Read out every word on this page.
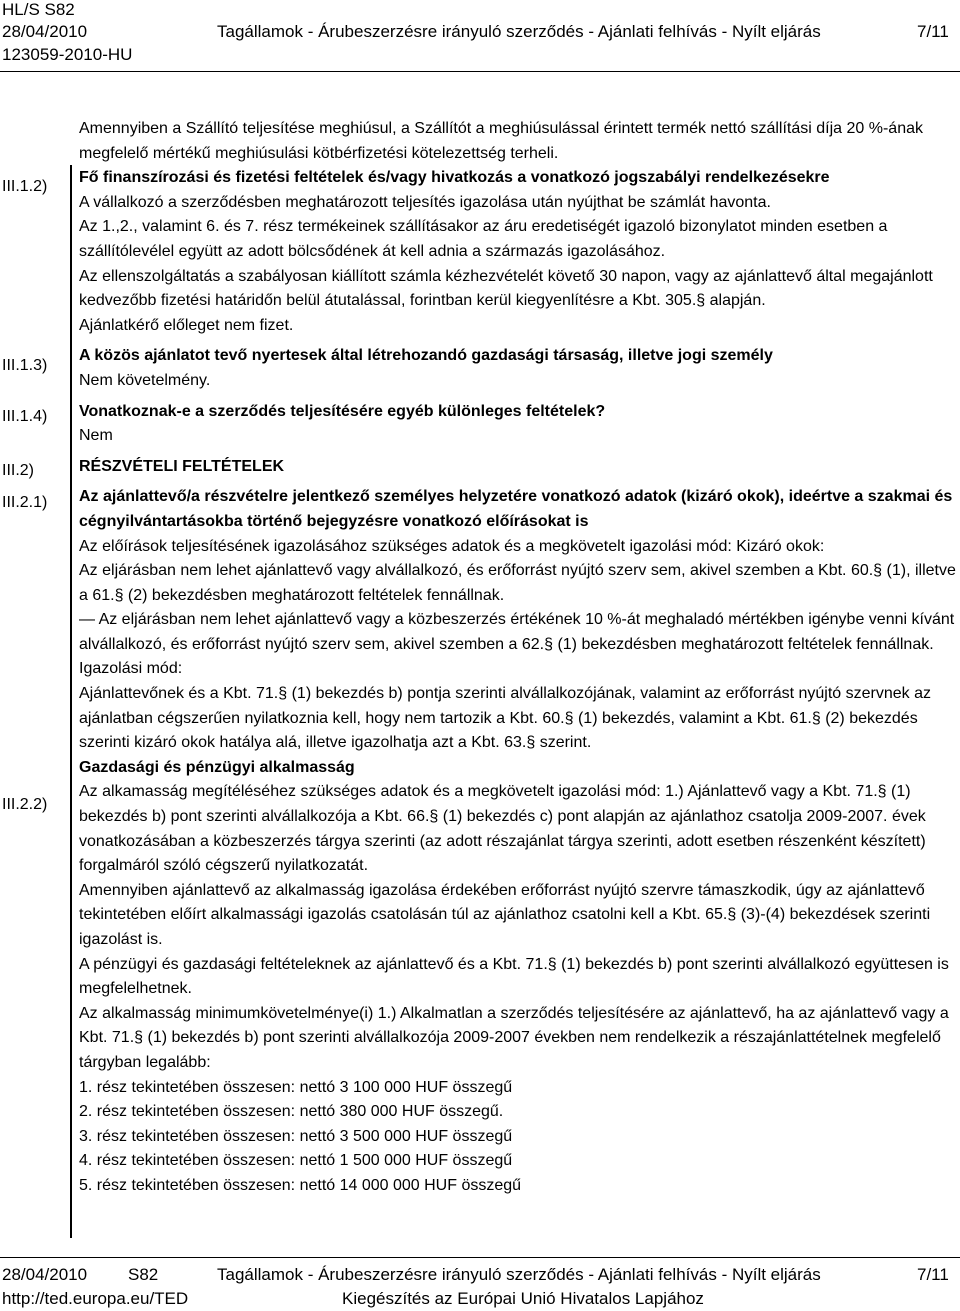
HL/S S82
28/04/2010	Tagállamok - Árubeszerzésre irányuló szerződés - Ajánlati felhívás - Nyílt eljárás	7/11
123059-2010-HU
III.1.2)
III.1.3)
III.1.4)
III.2)
III.2.1)
III.2.2)

Amennyiben a Szállító teljesítése meghiúsul, a Szállítót a meghiúsulással érintett termék nettó szállítási díja 20 %-ának megfelelő mértékű meghiúsulási kötbérfizetési kötelezettség terheli.

Fő finanszírozási és fizetési feltételek és/vagy hivatkozás a vonatkozó jogszabályi rendelkezésekre

A vállalkozó a szerződésben meghatározott teljesítés igazolása után nyújthat be számlát havonta.

Az 1.,2., valamint 6. és 7. rész termékeinek szállításakor az áru eredetiségét igazoló bizonylatot minden esetben a szállítólevélel együtt az adott bölcsődének át kell adnia a származás igazolásához.

Az ellenszolgáltatás a szabályosan kiállított számla kézhezvételét követő 30 napon, vagy az ajánlattevő által megajánlott kedvezőbb fizetési határidőn belül átutalással, forintban kerül kiegyenlítésre a Kbt. 305.§ alapján.

Ajánlatkérő előleget nem fizet.

A közös ajánlatot tevő nyertesek által létrehozandó gazdasági társaság, illetve jogi személy

Nem követelmény.

Vonatkoznak-e a szerződés teljesítésére egyéb különleges feltételek?

Nem

RÉSZVÉTELI FELTÉTELEK

Az ajánlattevő/a részvételre jelentkező személyes helyzetére vonatkozó adatok (kizáró okok), ideértve a szakmai és cégnyilvántartásokba történő bejegyzésre vonatkozó előírásokat is

Az előírások teljesítésének igazolásához szükséges adatok és a megkövetelt igazolási mód: Kizáró okok:

Az eljárásban nem lehet ajánlattevő vagy alvállalkozó, és erőforrást nyújtó szerv sem, akivel szemben a Kbt. 60.§ (1), illetve a 61.§ (2) bekezdésben meghatározott feltételek fennállnak.

— Az eljárásban nem lehet ajánlattevő vagy a közbeszerzés értékének 10 %-át meghaladó mértékben igénybe venni kívánt alvállalkozó, és erőforrást nyújtó szerv sem, akivel szemben a 62.§ (1) bekezdésben meghatározott feltételek fennállnak.

Igazolási mód:

Ajánlattevőnek és a Kbt. 71.§ (1) bekezdés b) pontja szerinti alvállalkozójának, valamint az erőforrást nyújtó szervnek az ajánlatban cégszerűen nyilatkoznia kell, hogy nem tartozik a Kbt. 60.§ (1) bekezdés, valamint a Kbt. 61.§ (2) bekezdés szerinti kizáró okok hatálya alá, illetve igazolhatja azt a Kbt. 63.§ szerint.

Gazdasági és pénzügyi alkalmasság

Az alkamasság megítéléséhez szükséges adatok és a megkövetelt igazolási mód: 1.) Ajánlattevő vagy a Kbt. 71.§ (1) bekezdés b) pont szerinti alvállalkozója a Kbt. 66.§ (1) bekezdés c) pont alapján az ajánlathoz csatolja 2009-2007. évek vonatkozásában a közbeszerzés tárgya szerinti (az adott részajánlat tárgya szerinti, adott esetben részenként készített) forgalmáról szóló cégszerű nyilatkozatát.

Amennyiben ajánlattevő az alkalmasság igazolása érdekében erőforrást nyújtó szervre támaszkodik, úgy az ajánlattevő tekintetében előírt alkalmassági igazolás csatolásán túl az ajánlathoz csatolni kell a Kbt. 65.§ (3)-(4) bekezdések szerinti igazolást is.

A pénzügyi és gazdasági feltételeknek az ajánlattevő és a Kbt. 71.§ (1) bekezdés b) pont szerinti alvállalkozó együttesen is megfelelhetnek.

Az alkalmasság minimumkövetelménye(i) 1.) Alkalmatlan a szerződés teljesítésére az ajánlattevő, ha az ajánlattevő vagy a Kbt. 71.§ (1) bekezdés b) pont szerinti alvállalkozója 2009-2007 években nem rendelkezik a részajánlattételnek megfelelő tárgyban legalább:

1. rész tekintetében összesen: nettó 3 100 000 HUF összegű

2. rész tekintetében összesen: nettó 380 000 HUF összegű.

3. rész tekintetében összesen: nettó 3 500 000 HUF összegű

4. rész tekintetében összesen: nettó 1 500 000 HUF összegű

5. rész tekintetében összesen: nettó 14 000 000 HUF összegű

28/04/2010 S82	Tagállamok - Árubeszerzésre irányuló szerződés - Ajánlati felhívás - Nyílt eljárás	7/11
http://ted.europa.eu/TED	Kiegészítés az Európai Unió Hivatalos Lapjához
